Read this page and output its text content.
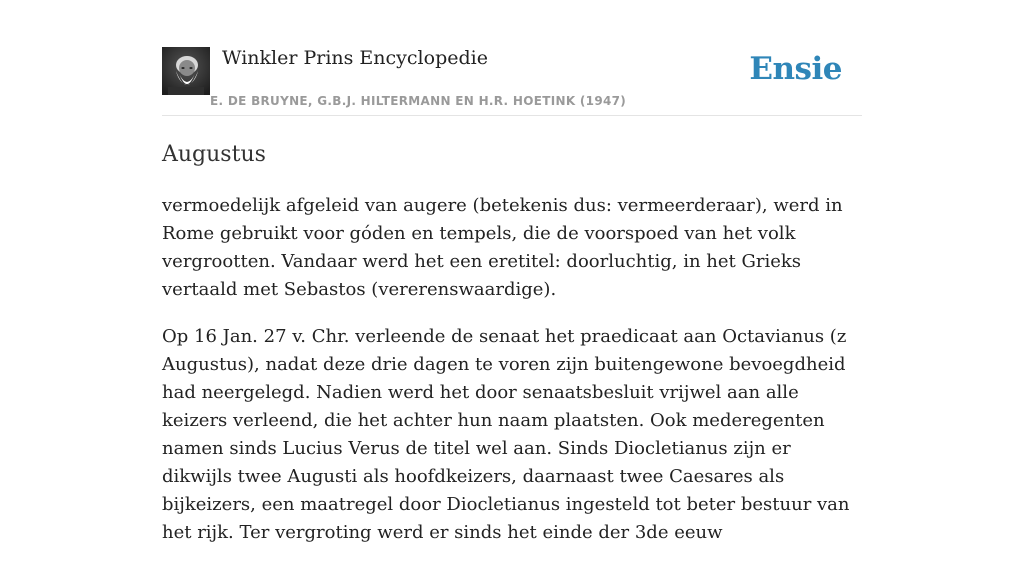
Winkler Prins Encyclopedie
E. DE BRUYNE, G.B.J. HILTERMANN EN H.R. HOETINK (1947)
Ensie
Augustus

vermoedelijk afgeleid van augere (betekenis dus: vermeerderaar), werd in Rome gebruikt voor góden en tempels, die de voorspoed van het volk vergrootten. Vandaar werd het een eretitel: doorluchtig, in het Grieks vertaald met Sebastos (vererenswaardige).

Op 16 Jan. 27 v. Chr. verleende de senaat het praedicaat aan Octavianus (z Augustus), nadat deze drie dagen te voren zijn buitengewone bevoegdheid had neergelegd. Nadien werd het door senaatsbesluit vrijwel aan alle keizers verleend, die het achter hun naam plaatsten. Ook mederegenten namen sinds Lucius Verus de titel wel aan. Sinds Diocletianus zijn er dikwijls twee Augusti als hoofdkeizers, daarnaast twee Caesares als bijkeizers, een maatregel door Diocletianus ingesteld tot beter bestuur van het rijk. Ter vergroting werd er sinds het einde der 3de eeuw
